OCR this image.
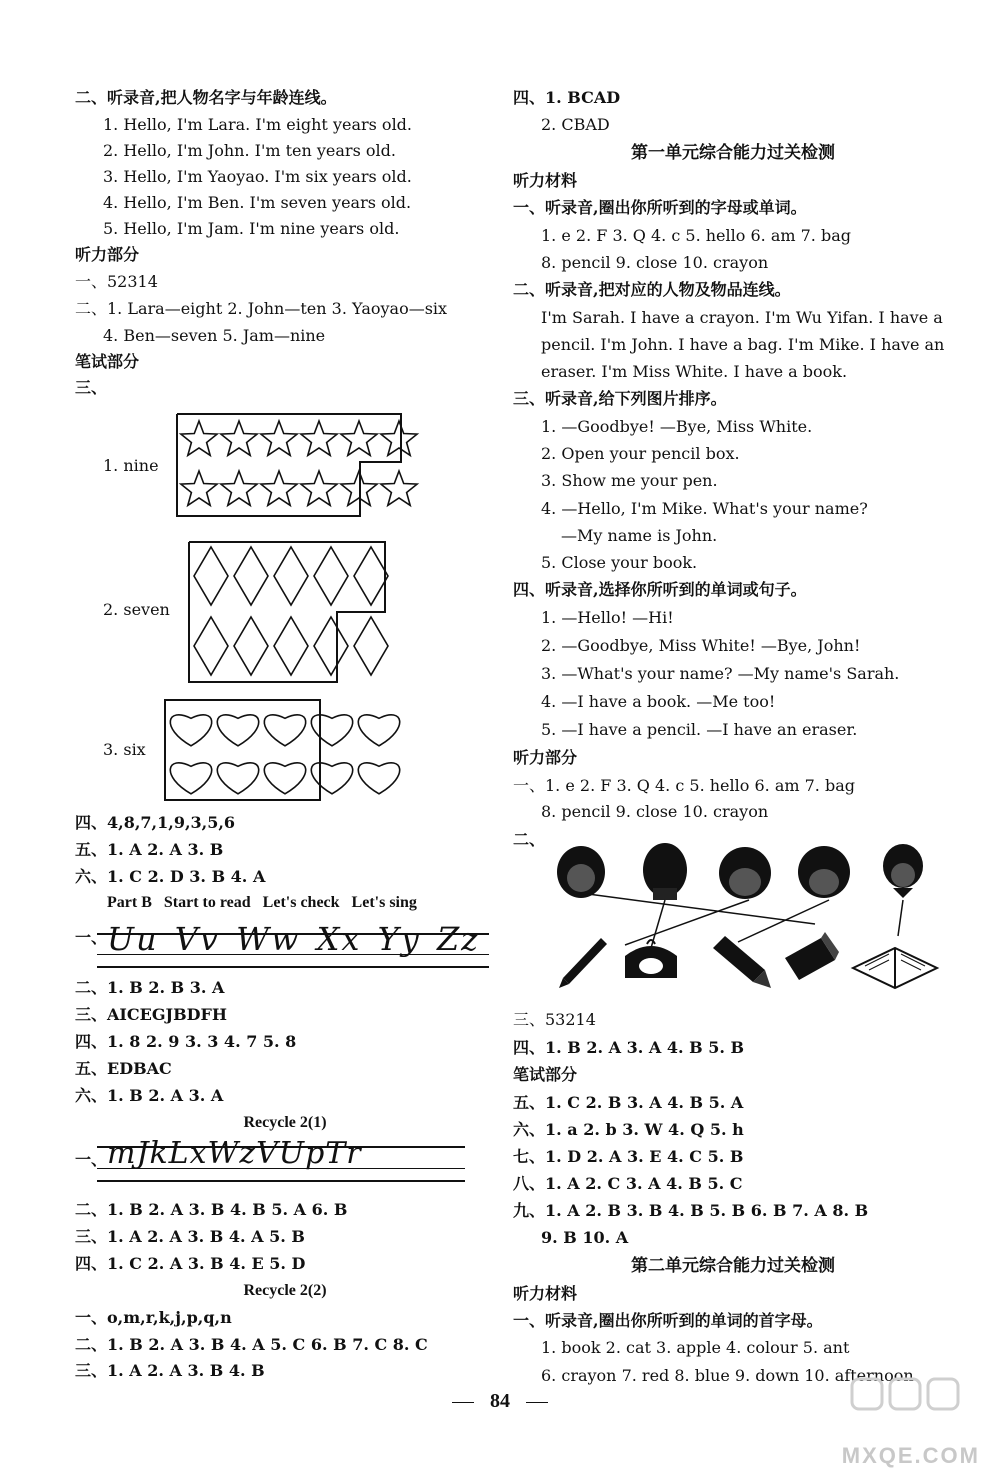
二、听录音,把人物名字与年龄连线。
1. Hello, I'm Lara. I'm eight years old.
2. Hello, I'm John. I'm ten years old.
3. Hello, I'm Yaoyao. I'm six years old.
4. Hello, I'm Ben. I'm seven years old.
5. Hello, I'm Jam. I'm nine years old.
听力部分
一、52314
二、1. Lara—eight 2. John—ten 3. Yaoyao—six
4. Ben—seven 5. Jam—nine
笔试部分
三、
1. nine
2. seven
3. six
四、4,8,7,1,9,3,5,6
五、1. A 2. A 3. B
六、1. C 2. D 3. B 4. A
Part B   Start to read   Let's check   Let's sing
一、 Uu Vv Ww Xx Yy Zz
二、1. B 2. B 3. A
三、AICEGJBDFH
四、1. 8 2. 9 3. 3 4. 7 5. 8
五、EDBAC
六、1. B 2. A 3. A
Recycle 2(1)
一、 mJkLxWzVUpTr
二、1. B 2. A 3. B 4. B 5. A 6. B
三、1. A 2. A 3. B 4. A 5. B
四、1. C 2. A 3. B 4. E 5. D
Recycle 2(2)
一、o,m,r,k,j,p,q,n
二、1. B 2. A 3. B 4. A 5. C 6. B 7. C 8. C
三、1. A 2. A 3. B 4. B
四、1. BCAD
2. CBAD
第一单元综合能力过关检测
听力材料
一、听录音,圈出你所听到的字母或单词。
1. e 2. F 3. Q 4. c 5. hello 6. am 7. bag
8. pencil 9. close 10. crayon
二、听录音,把对应的人物及物品连线。
I'm Sarah. I have a crayon. I'm Wu Yifan. I have a
pencil. I'm John. I have a bag. I'm Mike. I have an
eraser. I'm Miss White. I have a book.
三、听录音,给下列图片排序。
1. —Goodbye! —Bye, Miss White.
2. Open your pencil box.
3. Show me your pen.
4. —Hello, I'm Mike. What's your name?
—My name is John.
5. Close your book.
四、听录音,选择你所听到的单词或句子。
1. —Hello! —Hi!
2. —Goodbye, Miss White! —Bye, John!
3. —What's your name? —My name's Sarah.
4. —I have a book. —Me too!
5. —I have a pencil. —I have an eraser.
听力部分
一、1. e 2. F 3. Q 4. c 5. hello 6. am 7. bag
8. pencil 9. close 10. crayon
二、
三、53214
四、1. B 2. A 3. A 4. B 5. B
笔试部分
五、1. C 2. B 3. A 4. B 5. A
六、1. a 2. b 3. W 4. Q 5. h
七、1. D 2. A 3. E 4. C 5. B
八、1. A 2. C 3. A 4. B 5. C
九、1. A 2. B 3. B 4. B 5. B 6. B 7. A 8. B
9. B 10. A
第二单元综合能力过关检测
听力材料
一、听录音,圈出你所听到的单词的首字母。
1. book 2. cat 3. apple 4. colour 5. ant
6. crayon 7. red 8. blue 9. down 10. afternoon
84
MXQE.COM
